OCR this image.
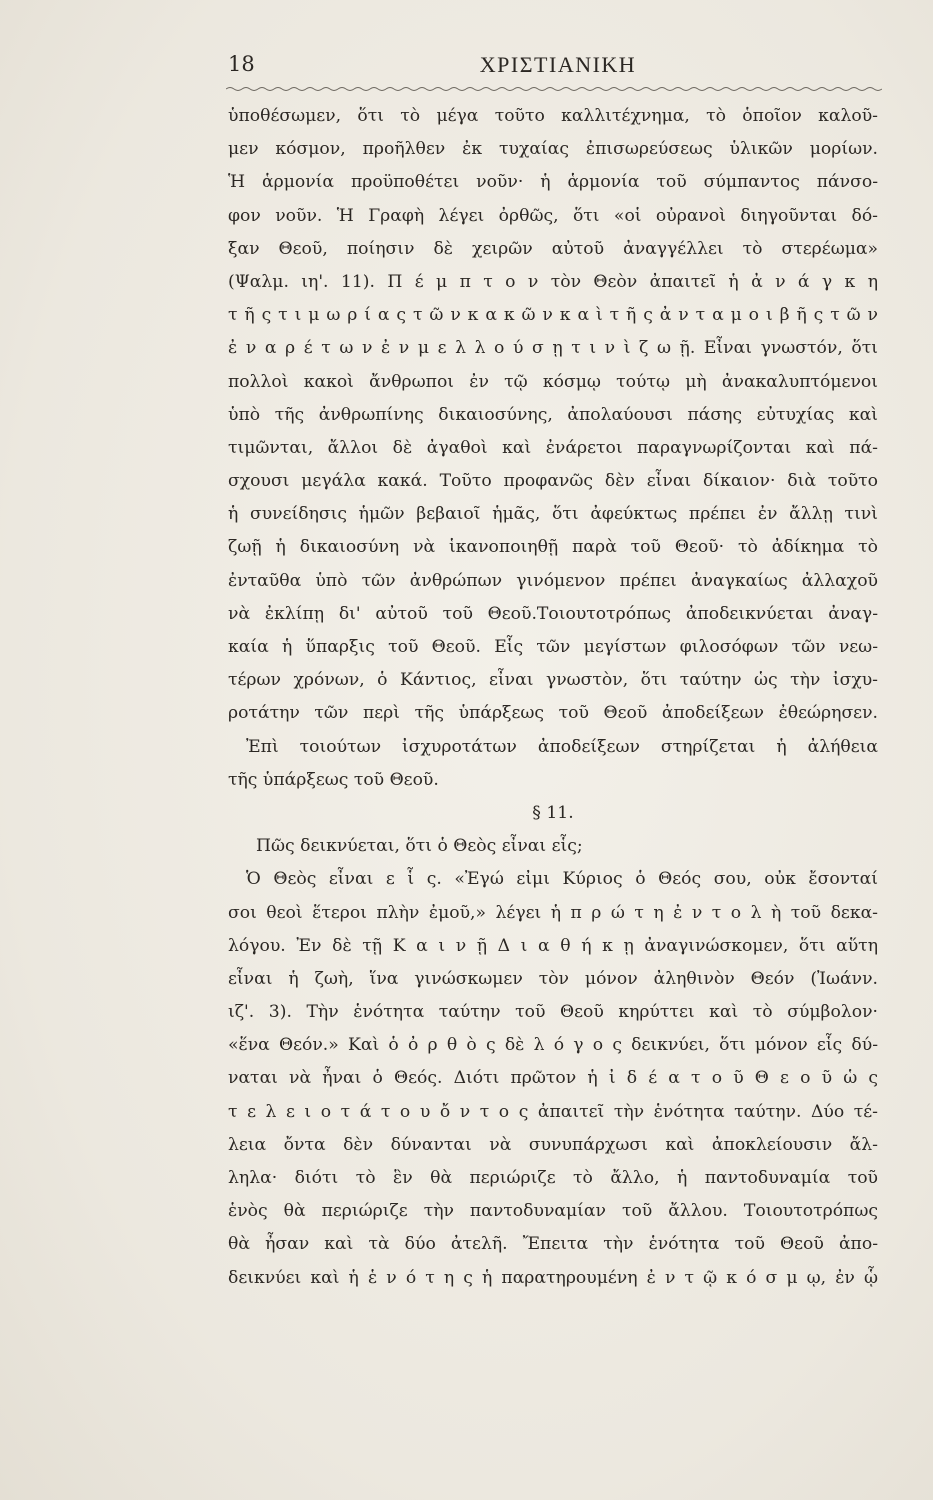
18	ΧΡΙΣΤΙΑΝΙΚΗ
ὑποθέσωμεν, ὅτι τὸ μέγα τοῦτο καλλιτέχνημα, τὸ ὁποῖον καλοῦ-
μεν κόσμον, προῆλθεν ἐκ τυχαίας ἐπισωρεύσεως ὑλικῶν μορίων.
Ἡ ἁρμονία προϋποθέτει νοῦν· ἡ ἁρμονία τοῦ σύμπαντος πάνσο-
φον νοῦν. Ἡ Γραφὴ λέγει ὀρθῶς, ὅτι «οἱ οὐρανοὶ διηγοῦνται δό-
ξαν Θεοῦ, ποίησιν δὲ χειρῶν αὐτοῦ ἀναγγέλλει τὸ στερέωμα»
(Ψαλμ. ιη'. 11). Π έ μ π τ ο ν τὸν Θεὸν ἀπαιτεῖ ἡ ἀ ν ά γ κ η
τ ῆ ς τ ι μ ω ρ ί α ς τ ῶ ν κ α κ ῶ ν κ α ὶ τ ῆ ς ἀ ν τ α μ ο ι β ῆ ς τ ῶ ν
ἐ ν α ρ έ τ ω ν ἐ ν μ ε λ λ ο ύ σ ῃ τ ι ν ὶ ζ ω ῇ. Εἶναι γνωστόν, ὅτι
πολλοὶ κακοὶ ἄνθρωποι ἐν τῷ κόσμῳ τούτῳ μὴ ἀνακαλυπτόμενοι
ὑπὸ τῆς ἀνθρωπίνης δικαιοσύνης, ἀπολαύουσι πάσης εὐτυχίας καὶ
τιμῶνται, ἄλλοι δὲ ἀγαθοὶ καὶ ἐνάρετοι παραγνωρίζονται καὶ πά-
σχουσι μεγάλα κακά. Τοῦτο προφανῶς δὲν εἶναι δίκαιον· διὰ τοῦτο
ἡ συνείδησις ἡμῶν βεβαιοῖ ἡμᾶς, ὅτι ἀφεύκτως πρέπει ἐν ἄλλῃ τινὶ
ζωῇ ἡ δικαιοσύνη νὰ ἱκανοποιηθῇ παρὰ τοῦ Θεοῦ· τὸ ἀδίκημα τὸ
ἐνταῦθα ὑπὸ τῶν ἀνθρώπων γινόμενον πρέπει ἀναγκαίως ἀλλαχοῦ
νὰ ἐκλίπῃ δι' αὐτοῦ τοῦ Θεοῦ.Τοιουτοτρόπως ἀποδεικνύεται ἀναγ-
καία ἡ ὕπαρξις τοῦ Θεοῦ. Εἷς τῶν μεγίστων φιλοσόφων τῶν νεω-
τέρων χρόνων, ὁ Κάντιος, εἶναι γνωστὸν, ὅτι ταύτην ὡς τὴν ἰσχυ-
ροτάτην τῶν περὶ τῆς ὑπάρξεως τοῦ Θεοῦ ἀποδείξεων ἐθεώρησεν.
Ἐπὶ τοιούτων ἰσχυροτάτων ἀποδείξεων στηρίζεται ἡ ἀλήθεια
τῆς ὑπάρξεως τοῦ Θεοῦ.
§ 11.
Πῶς δεικνύεται, ὅτι ὁ Θεὸς εἶναι εἷς;
Ὁ Θεὸς εἶναι ε ἷ ς. «Ἐγώ εἰμι Κύριος ὁ Θεός σου, οὐκ ἔσονταί
σοι θεοὶ ἕτεροι πλὴν ἐμοῦ,» λέγει ἡ π ρ ώ τ η ἐ ν τ ο λ ὴ τοῦ δεκα-
λόγου. Ἐν δὲ τῇ Κ α ι ν ῇ Δ ι α θ ή κ ῃ ἀναγινώσκομεν, ὅτι αὕτη
εἶναι ἡ ζωὴ, ἵνα γινώσκωμεν τὸν μόνον ἀληθινὸν Θεόν (Ἰωάνν.
ιζ'. 3). Τὴν ἑνότητα ταύτην τοῦ Θεοῦ κηρύττει καὶ τὸ σύμβολον·
«ἕνα Θεόν.» Καὶ ὁ ὀ ρ θ ὸ ς δὲ λ ό γ ο ς δεικνύει, ὅτι μόνον εἷς δύ-
ναται νὰ ἦναι ὁ Θεός. Διότι πρῶτον ἡ ἰ δ έ α τ ο ῦ Θ ε ο ῦ ὡ ς
τ ε λ ε ι ο τ ά τ ο υ ὄ ν τ ο ς ἀπαιτεῖ τὴν ἑνότητα ταύτην. Δύο τέ-
λεια ὄντα δὲν δύνανται νὰ συνυπάρχωσι καὶ ἀποκλείουσιν ἄλ-
ληλα· διότι τὸ ἓν θὰ περιώριζε τὸ ἄλλο, ἡ παντοδυναμία τοῦ
ἑνὸς θὰ περιώριζε τὴν παντοδυναμίαν τοῦ ἄλλου. Τοιουτοτρόπως
θὰ ἦσαν καὶ τὰ δύο ἀτελῆ. Ἔπειτα τὴν ἑνότητα τοῦ Θεοῦ ἀπο-
δεικνύει καὶ ἡ ἑ ν ό τ η ς ἡ παρατηρουμένη ἐ ν τ ῷ κ ό σ μ ῳ, ἐν ᾧ
